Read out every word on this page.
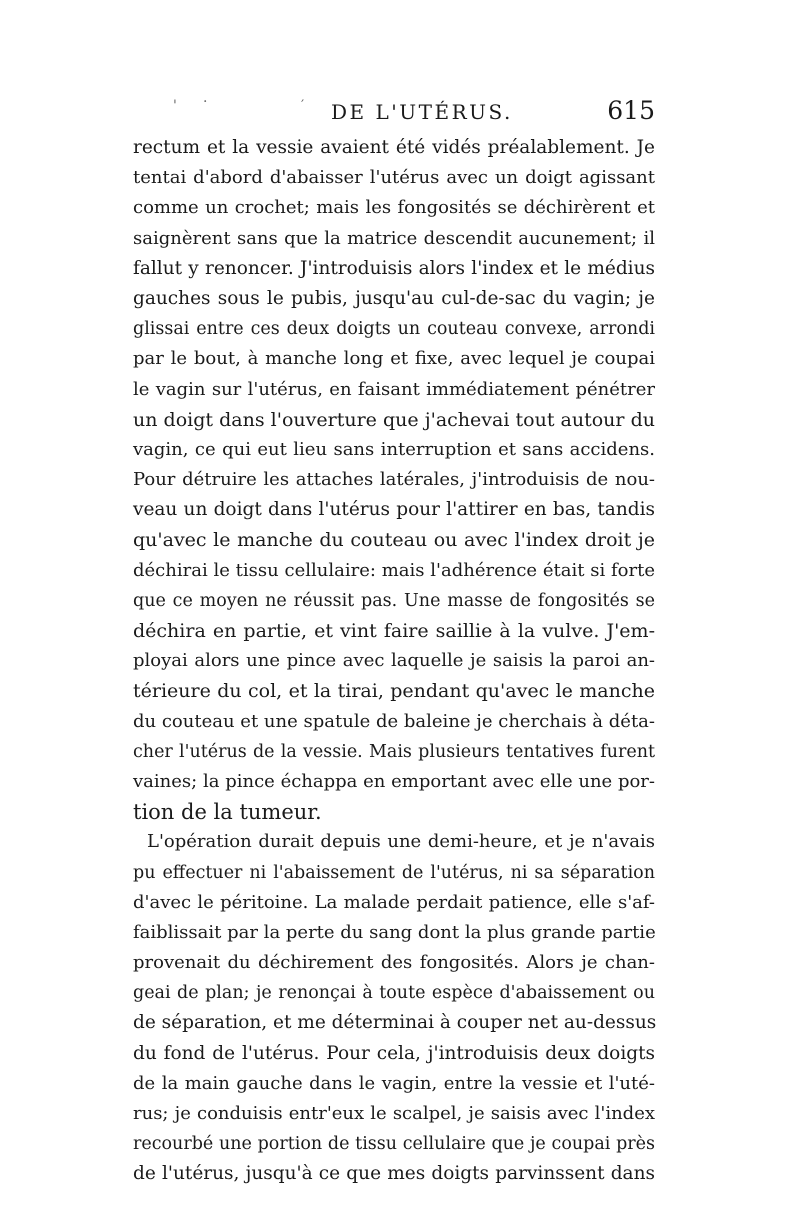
' ·	′ DE L'UTÉRUS.	615
rectum et la vessie avaient été vidés préalablement. Je
tentai d'abord d'abaisser l'utérus avec un doigt agissant
comme un crochet; mais les fongosités se déchirèrent et
saignèrent sans que la matrice descendit aucunement; il
fallut y renoncer. J'introduisis alors l'index et le médius
gauches sous le pubis, jusqu'au cul-de-sac du vagin; je
glissai entre ces deux doigts un couteau convexe, arrondi
par le bout, à manche long et fixe, avec lequel je coupai
le vagin sur l'utérus, en faisant immédiatement pénétrer
un doigt dans l'ouverture que j'achevai tout autour du
vagin, ce qui eut lieu sans interruption et sans accidens.
Pour détruire les attaches latérales, j'introduisis de nou-
veau un doigt dans l'utérus pour l'attirer en bas, tandis
qu'avec le manche du couteau ou avec l'index droit je
déchirai le tissu cellulaire: mais l'adhérence était si forte
que ce moyen ne réussit pas. Une masse de fongosités se
déchira en partie, et vint faire saillie à la vulve. J'em-
ployai alors une pince avec laquelle je saisis la paroi an-
térieure du col, et la tirai, pendant qu'avec le manche
du couteau et une spatule de baleine je cherchais à déta-
cher l'utérus de la vessie. Mais plusieurs tentatives furent
vaines; la pince échappa en emportant avec elle une por-
tion de la tumeur.
L'opération durait depuis une demi-heure, et je n'avais
pu effectuer ni l'abaissement de l'utérus, ni sa séparation
d'avec le péritoine. La malade perdait patience, elle s'af-
faiblissait par la perte du sang dont la plus grande partie
provenait du déchirement des fongosités. Alors je chan-
geai de plan; je renonçai à toute espèce d'abaissement ou
de séparation, et me déterminai à couper net au-dessus
du fond de l'utérus. Pour cela, j'introduisis deux doigts
de la main gauche dans le vagin, entre la vessie et l'uté-
rus; je conduisis entr'eux le scalpel, je saisis avec l'index
recourbé une portion de tissu cellulaire que je coupai près
de l'utérus, jusqu'à ce que mes doigts parvinssent dans
